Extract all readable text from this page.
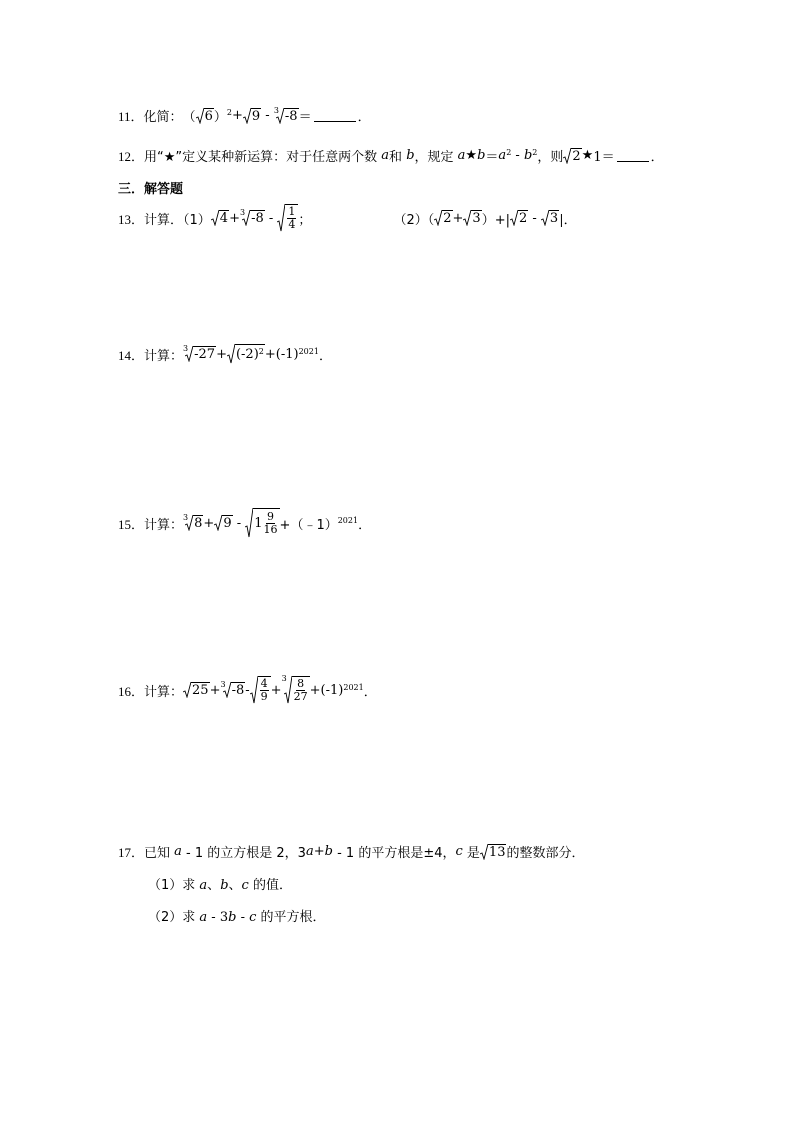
11． 化简： （ 6 ）$^2$ + 9 - 3 -8 ＝	．
12． 用“★”定义某种新运算：对于任意两个数 a 和 b ，规定 a ★ $b = a^2 - b^2$ ，则 2 ★ 1＝	．
三．解答题
13． 计算．（1） 4 + 3 $-8 - \frac{1}{4}$ ；	（2）（ 2 + 3 ）+| 2 - 3 |．
14． 计算： 3 $-27 + (-2)^2 +(-1)^{2021}$ ．
15． 计算： 3 $8 + 9 - 1 \frac{9}{16}$ +（﹣1）$^{2021}$ ．
16． 计算： 25 + 3 $-8 - \frac{4}{9}$ +
$3 \frac{8}{27} +(-1)^{2021}$ ．
17． 已知 a - 1 的立方根是 2，3 a + b - 1 的平方根是±4， c 是 13 的整数部分．
（1）求 a、b、c 的值．
（2）求 a - 3b - c 的平方根．
